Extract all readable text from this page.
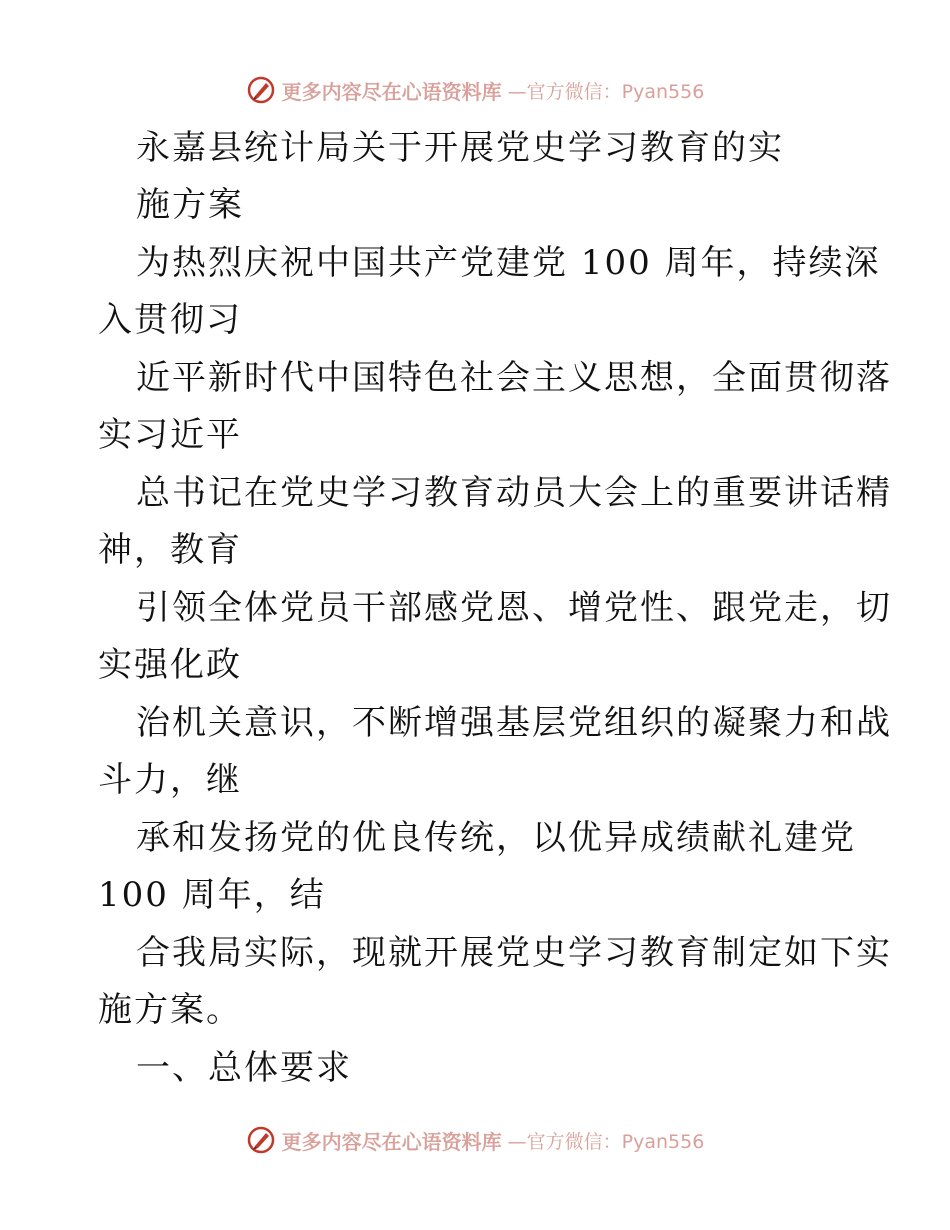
更多内容尽在心语资料库 —官方微信：Pyan556
永嘉县统计局关于开展党史学习教育的实
施方案
为热烈庆祝中国共产党建党 100 周年，持续深
入贯彻习
近平新时代中国特色社会主义思想，全面贯彻落
实习近平
总书记在党史学习教育动员大会上的重要讲话精
神，教育
引领全体党员干部感党恩、增党性、跟党走，切
实强化政
治机关意识，不断增强基层党组织的凝聚力和战
斗力，继
承和发扬党的优良传统，以优异成绩献礼建党
100 周年，结
合我局实际，现就开展党史学习教育制定如下实
施方案。
一、总体要求
更多内容尽在心语资料库 —官方微信：Pyan556
